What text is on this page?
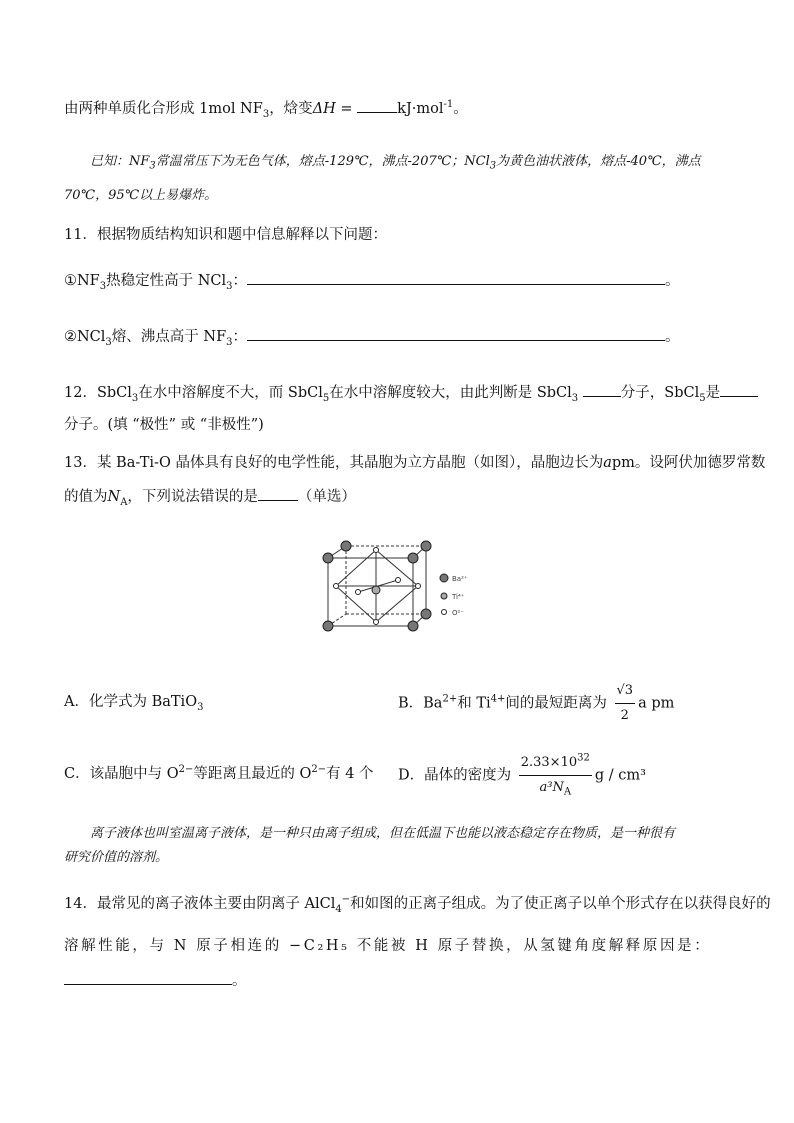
由两种单质化合形成 1mol $NF_3$，焓变ΔH =	kJ·mol$^{-1}$。
已知：$NF_3$常温常压下为无色气体，熔点-129℃，沸点-207℃；NCl$_3$为黄色油状液体，熔点-40℃，沸点
70℃，95℃以上易爆炸。
11．根据物质结构知识和题中信息解释以下问题：
$①NF_3$热稳定性高于 NCl$_3$：	。
②NCl$_3$熔、沸点高于 $NF_3$：	。
12．SbCl$_3$在水中溶解度不大，而 SbCl$_5$在水中溶解度较大，由此判断是 SbCl$_3$	分子，SbCl$_5$是
分子。(填 “极性” 或 “非极性”)
13．某 Ba-Ti-O 晶体具有良好的电学性能，其晶胞为立方晶胞（如图），晶胞边长为apm。设阿伏加德罗常数
的值为$N_A$，下列说法错误的是	（单选）
Ba²⁺
Ti⁴⁺
O²⁻
A．化学式为 BaTiO$_3$	B．$Ba^{2+}$和 $Ti^{4+}$间的最短距离为 $\frac{√3}{2}$ a pm
C．该晶胞中与 $O^{2-}$等距离且最近的 $O^{2-}$有 4 个 D．晶体的密度为 $\frac{2.33\times 10^{32}}{a^3N_A}$ g / cm³
离子液体也叫室温离子液体，是一种只由离子组成，但在低温下也能以液态稳定存在物质，是一种很有
研究价值的溶剂。
14．最常见的离子液体主要由阴离子 AlCl$_4$−和如图的正离子组成。为了使正离子以单个形式存在以获得良好的
溶解性能，与 N 原子相连的 −C₂H₅ 不能被 H 原子替换，从氢键角度解释原因是：
。
